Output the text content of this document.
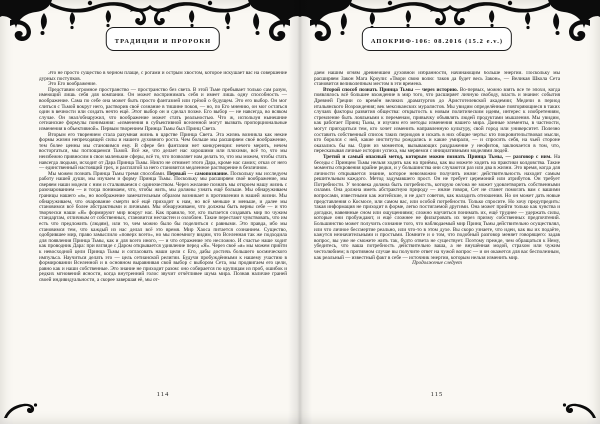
ТРАДИЦИИ И ПРОРОКИ

Это не просто существо в чёрном плаще, с рогами и острым хвостом, которое искушает вас на совершение дурных поступков.

Это Его воображение.

Представим огромное пространство — пространство без света. В этой Тьме пребывает только сам разум, имеющий лишь себя для компании. Он может воспринимать себя и имеет лишь одну способность — воображение. Сама по себе она может быть просто фантазией или грёзой о будущем. Это его выбор. Он мог слиться с Тьмой вокруг него, растворив своё сознание в тишине покоя, — но, по Его мнению, он мог остаться один в вечности или создать нечто ещё. Этот выбор он и сделал позже. Его выбор — не навсегда, во всяком случае. Он знал/обнаружил, что воображение может стать реальностью. Что ж, используя нынешние сетианские формулы понимания: «изменения в субъективной вселенной могут вызвать пропорциональные изменения в объективной». Первым творением Принца Тьмы был Принц Света.

Вторым его творением стала разумная жизнь в царстве Принца Света. Эта жизнь возникла как некие формы жизни непреходящей силы и нашего духовного роста. Чем больше мы расширяем своё воображение, тем более ценны мы становимся ему. В сфере без фантазии нет конкуренции: нечего мерить, нечем восторгаться, мы поглощаемся Тьмой. Всё же, что делает нас хорошими или плохими, всё то, что мы неизбежно привносим в свои маленькие сферы, всё то, что позволяет нам делать то, что мы можем, чтобы стать навсегда людьми, исходит от Дара Принца Тьмы. Никто не отнимет этого Дара, кроме нас самих; отказ от него — единственный настоящий грех, и расплатой за него становится медленное растворение в безличном.

Мы можем познать Принца Тьмы тремя способами. Первый — самопознание. Поскольку мы исследуем работу нашей души, мы изучаем и форму Принца Тьмы. Поскольку мы расширяем своё воображение, мы сверяем наши модели с ним и сталкиваемся с одиночеством. Через желание познать мы откроем нашу жизнь с разочарованием — и тогда понимаем, что, чтобы жить, мы должны узнать ещё больше. Мы обнаруживаем границы нашего «я», но воображение замечательным образом возникает в противлении в нашей жизни. Мы обнаруживаем, что очарование смерти всё ещё приходит к нам, но всё меньше и меньше, и далее мы становимся всё более абстрактными и личными. Мы обнаруживаем, что должны быть верны себе — и что творчески наши «Я» формируют мир вокруг нас. Как правило, тот, кто пытается создавать мир по чужим стандартам, отличным от собственных, становится несчастен и озлоблен. Такие перестают чувствовать, что им есть что предложить (людям), или то, чем можно было бы поделиться с равными. Это правда, ибо мы становимся тем, что каждый из нас делал всё это время. Мир Хаоса питается сознанием. Существо, одобрившее мир, право замыслило «поверх всего», но мы понемногу видим, что Вселенная так же подходила для появления Принца Тьмы, как и для всего иного, — и что отражение это несложно. И счастье наше ходит как проводник Дара: при взгляде с Даром открывается удивление перед «Я». Через своё «я» мы можем прийти к невосходной цели Принца Тьмы и согласовать наши цели с Его, дабы достичь большего космического импульса. Научиться делать это — цель сетианской религии. Будучи пробуждёнными к нашему участию в формировании Вселенной и в основном выравнивая свой выбор с выбором Сета, мы продвигаем его цели, равно как и наши собственные. Это знание не приходит разом: оно собирается по крупицам из проб, ошибок и редких мгновений ясности, когда внутренний голос звучит отчётливее шума мира. Познав наличие граней своей индивидуальности, а скорее завершая её, мы от-

114
АПОКРИФ-106: 08.2016 (15.2 e.v.)

даём нашим огням древнейшей духовной избранности, начинающим больше энергии. Поскольку мы расширяем Закон Мага Кроули: «Твори свою волю: таков да будет весь Закон», — Великая Школа Сета становится великолепным местом в эти времена.

Второй способ познать Принца Тьмы — через историю. Во-первых, можно взять все те эпохи, когда появлялось всё большее вхождение в мир того, что расширяет личную свободу, власть и знание: события Древней Греции со времён великих драматургов до Аристотелевской академии; Медичи в период итальянского Возрождения; век мексиканских муралистов. Мы увидим определённые повторяющиеся в таких случаях факторы развития общества: открытость к новым политическим идеям, интерес к изобретениям, стремление быть лояльными к переменам, привычку объявлять людей продуктами мышления. Мы увидим, как работает Принц Тьмы, и изучим его методы изменения нашего мира. Данные элементы, в частности, могут пригодиться тем, кто хочет изменить направленную культуру, свой город или университет. Полезно составить собственный список таких периодов и искать в них общие черты: кто покровительствовал мысли, кто боролся с ней, какие институты рождались и какие умирали, — и спросить себя, на чьей стороне оказались бы вы. Один из моментов, вызывающих раздражение у неофитов, заключается в том, что, пересказывая личные истории успеха, мы меряемся с инициативными моделями людей.

Третий и самый опасный метод, которым можно познать Принца Тьмы, — разговор с ним. На беседы с Принцем Тьмы нельзя ходить как на приёмы, как вы можете ходить на практики колдовства. Такие моменты откровения крайне редки, и у большинства они случаются раз или два в жизни. Это время, когда для личности открывается знание, которое невозможно получить иначе: действительность находит самым решительным каждого. Метод задумавшего прост. Он не требует церемоний или атрибутов. Он требует Потребности. У человека должна быть потребность, которую он/она не может удовлетворить собственными силами. Она должна иметь абстрактную природу — иначе говоря, Сет не станет помогать вам с вашими вопросами, известными как житейские, и не даст советов, как наладить отношения. Но он может дать новые представления о Космосе, или самом вас, или особой потребности. Только спросите. Но хочу предупредить: такая информация не приходит в форме, легко постигаемой другими. Она может прийти только как чувства и догадки, навеянные сном или ощущениями; сложно научиться понимать их, ещё труднее — удержать силы, которые они пробуждают, и ещё сложнее не фильтровать их через призму собственных предпочтений. Большинство может получить сознание того, что наблюдаемый мир Принц Тьмы действительно осуществлял, или что личное бессмертие реально, или что-то в этом духе. Вы скоро узнаете, что идеи, как вы их подаёте, кажутся незначительными и простыми. Помните и о том, что подобный разговор меняет говорящего: задав вопрос, вы уже не сможете жить так, будто ответа не существует. Поэтому прежде, чем обращаться к Нему, убедитесь, что ваша потребность действительно ваша, а не внушённая модой, страхом или чужим честолюбием; в противном случае вы получите ответ на чужой вопрос — и он окажется для вас бесполезным, как реальный — известный факт в себе — источник энергии, которым нельзя изменить мир.

Продолжение следует

115
